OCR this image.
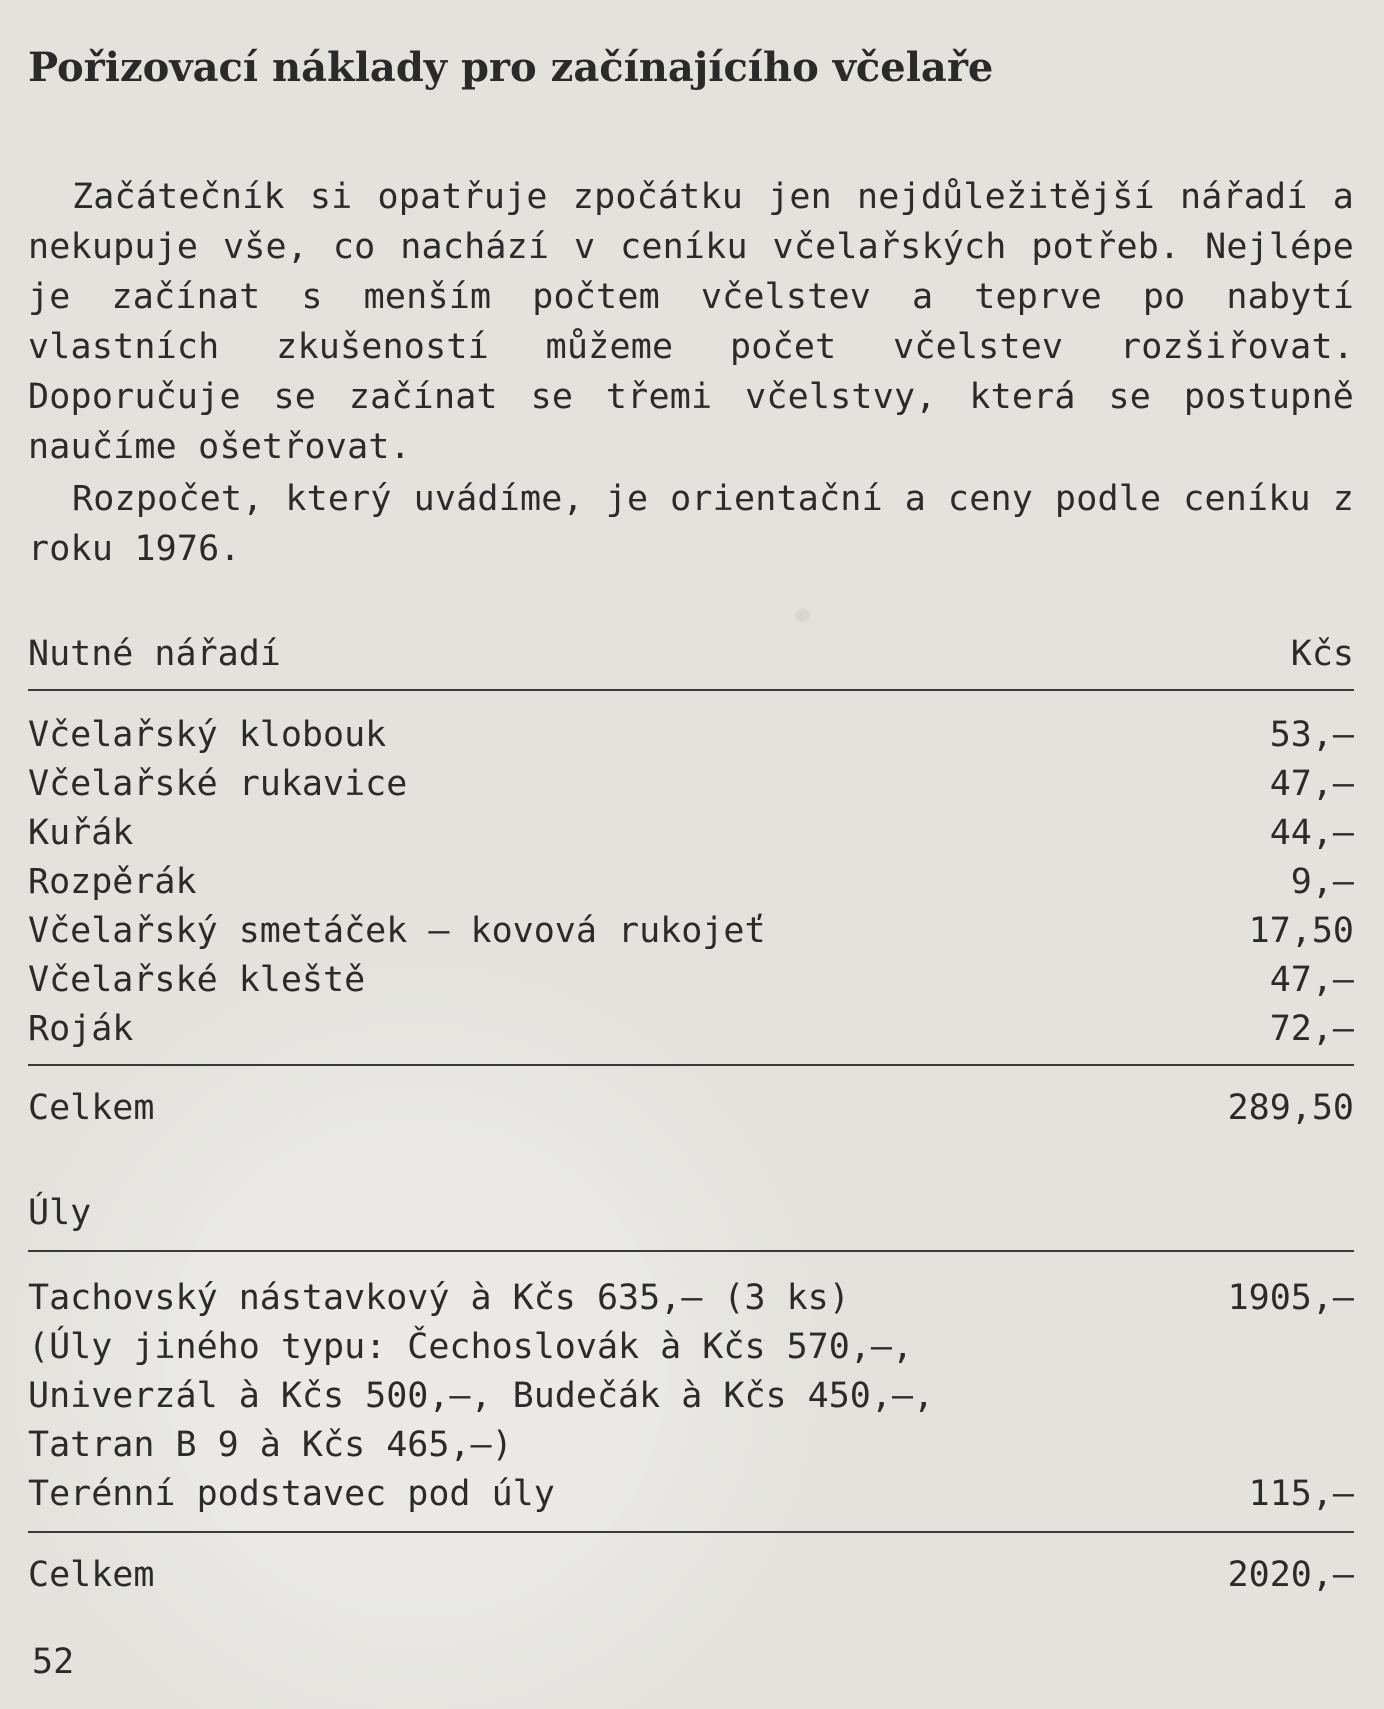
Pořizovací náklady pro začínajícího včelaře

Začátečník si opatřuje zpočátku jen nejdůležitější nářadí a nekupuje vše, co nachází v ceníku včelařských potřeb. Nejlépe je začínat s menším počtem včelstev a teprve po nabytí vlastních zkušeností můžeme počet včelstev rozšiřovat. Doporučuje se začínat se třemi včelstvy, která se postupně naučíme ošetřovat.

Rozpočet, který uvádíme, je orientační a ceny podle ceníku z roku 1976.

Nutné nářadí	Kčs
Včelařský klobouk	53,—
Včelařské rukavice	47,—
Kuřák	44,—
Rozpěrák	9,—
Včelařský smetáček — kovová rukojeť	17,50
Včelařské kleště	47,—
Roják	72,—
Celkem	289,50
Úly
Tachovský nástavkový à Kčs 635,— (3 ks)	1905,—
(Úly jiného typu: Čechoslovák à Kčs 570,—,
Univerzál à Kčs 500,—, Budečák à Kčs 450,—,
Tatran B 9 à Kčs 465,—)
Terénní podstavec pod úly	115,—
Celkem	2020,—
52
